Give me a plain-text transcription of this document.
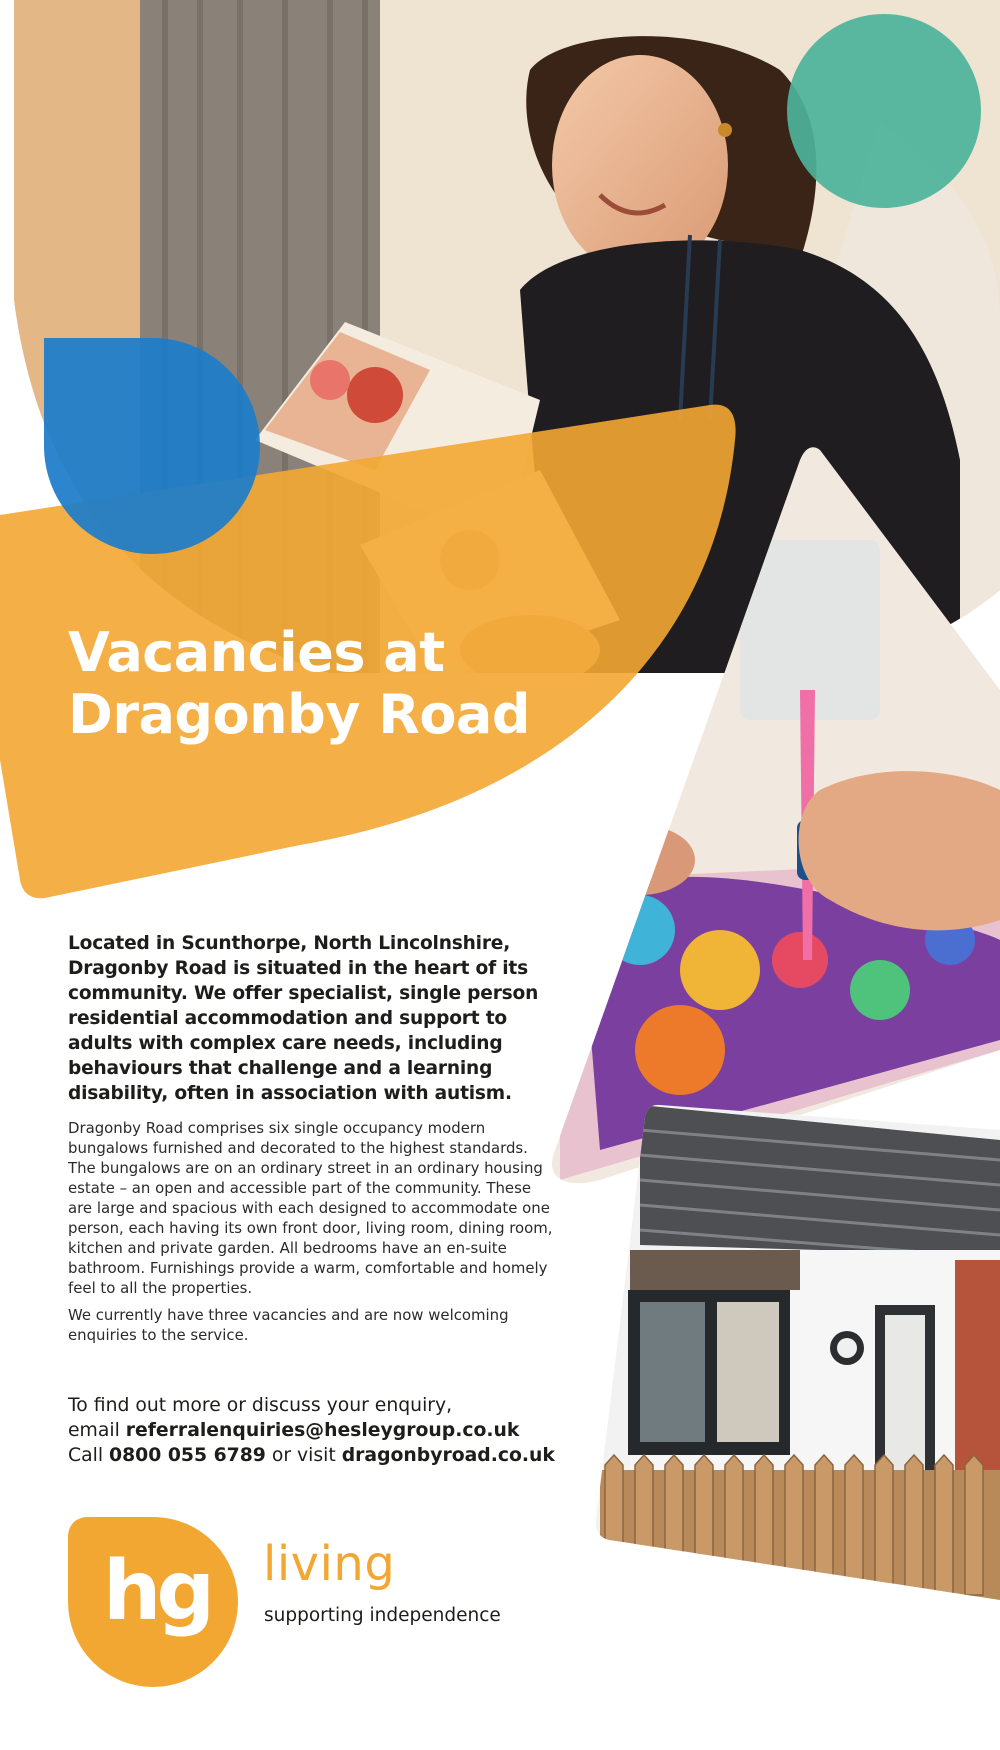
Vacancies at
Dragonby Road

Located in Scunthorpe, North Lincolnshire, Dragonby Road is situated in the heart of its community. We offer specialist, single person residential accommodation and support to adults with complex care needs, including behaviours that challenge and a learning disability, often in association with autism.

Dragonby Road comprises six single occupancy modern bungalows furnished and decorated to the highest standards. The bungalows are on an ordinary street in an ordinary housing estate – an open and accessible part of the community. These are large and spacious with each designed to accommodate one person, each having its own front door, living room, dining room, kitchen and private garden. All bedrooms have an en-suite bathroom. Furnishings provide a warm, comfortable and homely feel to all the properties.

We currently have three vacancies and are now welcoming enquiries to the service.

To find out more or discuss your enquiry,
email referralenquiries@hesleygroup.co.uk
Call 0800 055 6789 or visit dragonbyroad.co.uk
hg living
supporting independence
